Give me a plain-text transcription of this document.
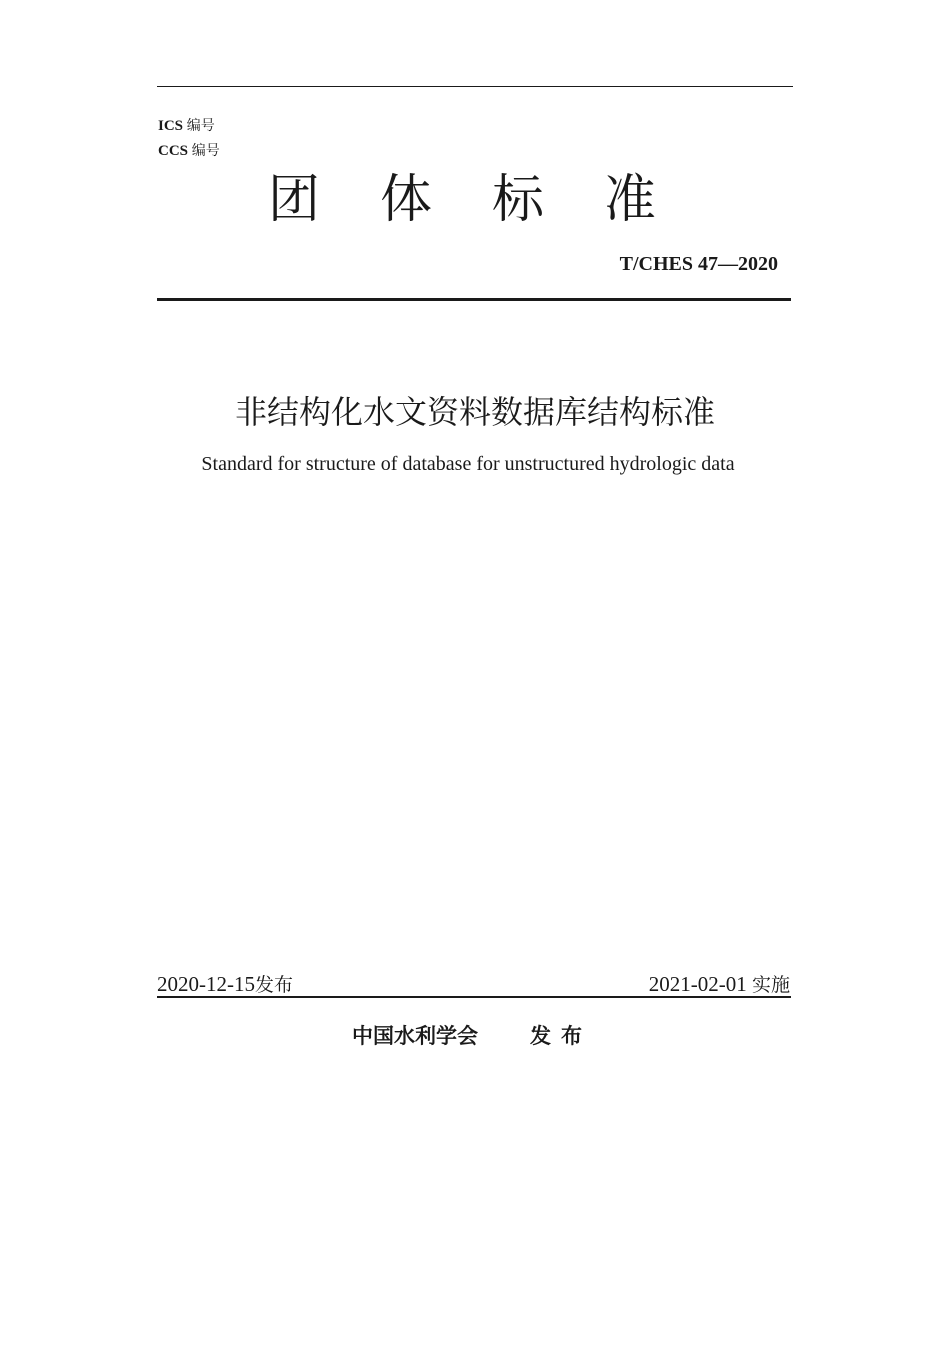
ICS 编号
CCS 编号
团体标准
T/CHES 47—2020
非结构化水文资料数据库结构标准
Standard for structure of database for unstructured hydrologic data
2020-12-15发布	2021-02-01 实施
中国水利学会 发布
